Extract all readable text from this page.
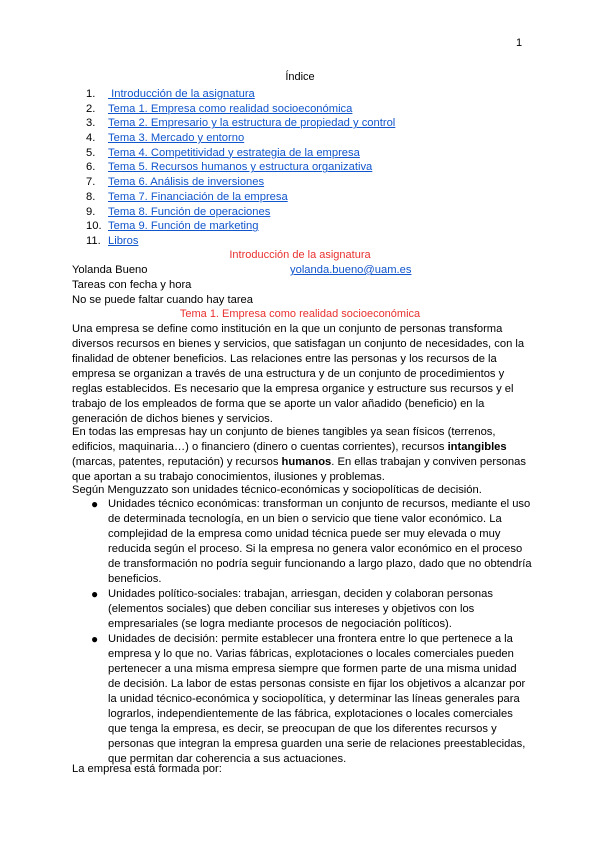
1
Índice
1. Introducción de la asignatura
2. Tema 1. Empresa como realidad socioeconómica
3. Tema 2. Empresario y la estructura de propiedad y control
4. Tema 3. Mercado y entorno
5. Tema 4. Competitividad y estrategia de la empresa
6. Tema 5. Recursos humanos y estructura organizativa
7. Tema 6. Análisis de inversiones
8. Tema 7. Financiación de la empresa
9. Tema 8. Función de operaciones
10. Tema 9. Función de marketing
11. Libros
Introducción de la asignatura
Yolanda Bueno	yolanda.bueno@uam.es
Tareas con fecha y hora
No se puede faltar cuando hay tarea
Tema 1. Empresa como realidad socioeconómica
Una empresa se define como institución en la que un conjunto de personas transforma diversos recursos en bienes y servicios, que satisfagan un conjunto de necesidades, con la finalidad de obtener beneficios. Las relaciones entre las personas y los recursos de la empresa se organizan a través de una estructura y de un conjunto de procedimientos y reglas establecidos. Es necesario que la empresa organice y estructure sus recursos y el trabajo de los empleados de forma que se aporte un valor añadido (beneficio) en la generación de dichos bienes y servicios.
En todas las empresas hay un conjunto de bienes tangibles ya sean físicos (terrenos, edificios, maquinaria…) o financiero (dinero o cuentas corrientes), recursos intangibles (marcas, patentes, reputación) y recursos humanos. En ellas trabajan y conviven personas que aportan a su trabajo conocimientos, ilusiones y problemas.
Según Menguzzato son unidades técnico-económicas y sociopolíticas de decisión.
● Unidades técnico económicas: transforman un conjunto de recursos, mediante el uso de determinada tecnología, en un bien o servicio que tiene valor económico. La complejidad de la empresa como unidad técnica puede ser muy elevada o muy reducida según el proceso. Si la empresa no genera valor económico en el proceso de transformación no podría seguir funcionando a largo plazo, dado que no obtendría beneficios.
● Unidades político-sociales: trabajan, arriesgan, deciden y colaboran personas (elementos sociales) que deben conciliar sus intereses y objetivos con los empresariales (se logra mediante procesos de negociación políticos).
● Unidades de decisión: permite establecer una frontera entre lo que pertenece a la empresa y lo que no. Varias fábricas, explotaciones o locales comerciales pueden pertenecer a una misma empresa siempre que formen parte de una misma unidad de decisión. La labor de estas personas consiste en fijar los objetivos a alcanzar por la unidad técnico-económica y sociopolítica, y determinar las líneas generales para lograrlos, independientemente de las fábrica, explotaciones o locales comerciales que tenga la empresa, es decir, se preocupan de que los diferentes recursos y personas que integran la empresa guarden una serie de relaciones preestablecidas, que permitan dar coherencia a sus actuaciones.
La empresa está formada por:
